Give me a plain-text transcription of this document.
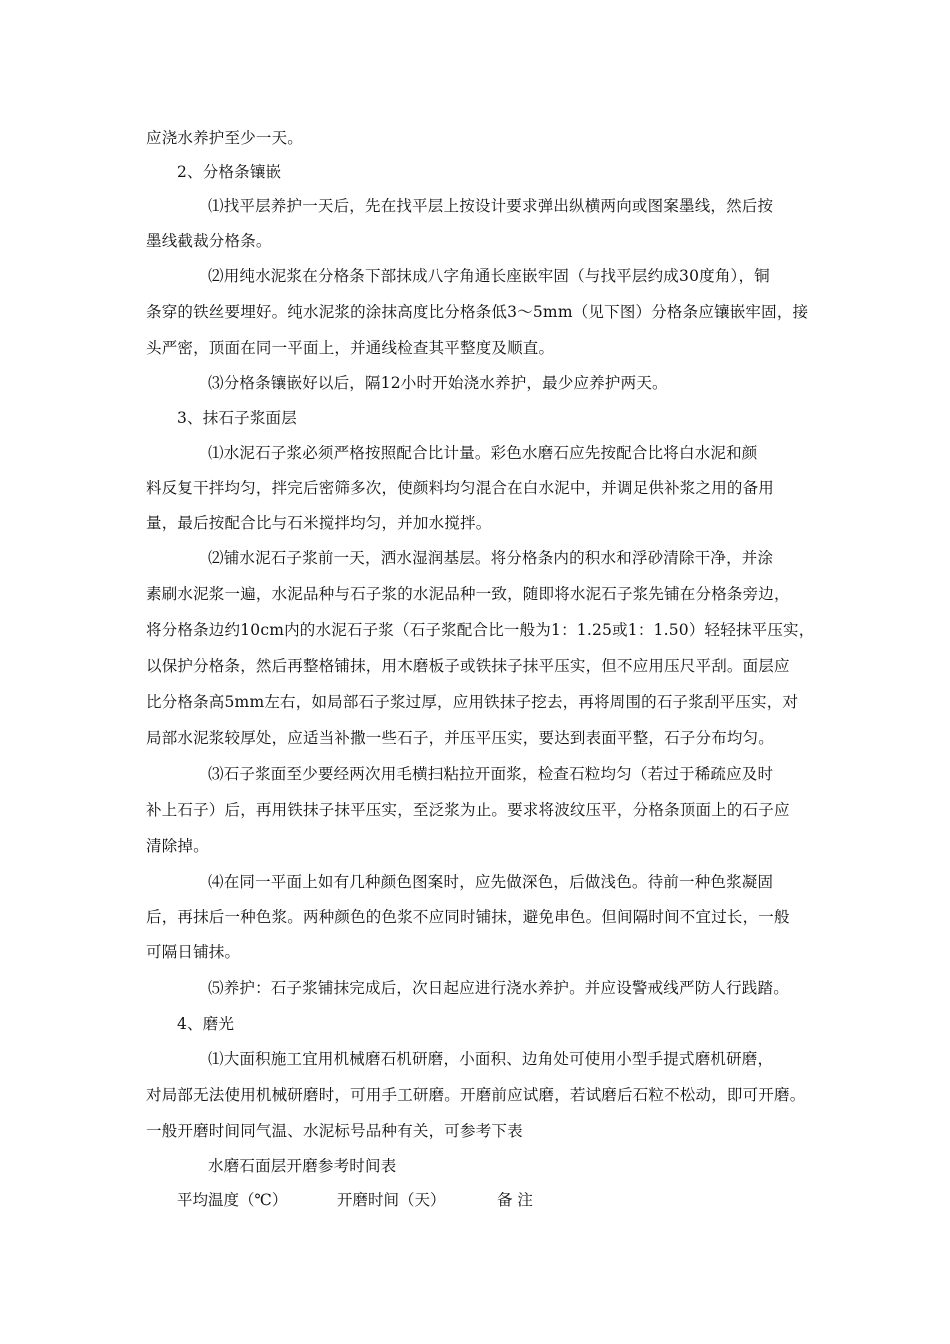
应浇水养护至少一天。
2、分格条镶嵌
⑴找平层养护一天后，先在找平层上按设计要求弹出纵横两向或图案墨线，然后按
墨线截裁分格条。
⑵用纯水泥浆在分格条下部抹成八字角通长座嵌牢固（与找平层约成30度角），铜
条穿的铁丝要埋好。纯水泥浆的涂抹高度比分格条低3～5mm（见下图）分格条应镶嵌牢固，接
头严密，顶面在同一平面上，并通线检查其平整度及顺直。
⑶分格条镶嵌好以后，隔12小时开始浇水养护，最少应养护两天。
3、抹石子浆面层
⑴水泥石子浆必须严格按照配合比计量。彩色水磨石应先按配合比将白水泥和颜
料反复干拌均匀，拌完后密筛多次，使颜料均匀混合在白水泥中，并调足供补浆之用的备用
量，最后按配合比与石米搅拌均匀，并加水搅拌。
⑵铺水泥石子浆前一天，洒水湿润基层。将分格条内的积水和浮砂清除干净，并涂
素刷水泥浆一遍，水泥品种与石子浆的水泥品种一致，随即将水泥石子浆先铺在分格条旁边，
将分格条边约10cm内的水泥石子浆（石子浆配合比一般为1：1.25或1：1.50）轻轻抹平压实，
以保护分格条，然后再整格铺抹，用木磨板子或铁抹子抹平压实，但不应用压尺平刮。面层应
比分格条高5mm左右，如局部石子浆过厚，应用铁抹子挖去，再将周围的石子浆刮平压实，对
局部水泥浆较厚处，应适当补撒一些石子，并压平压实，要达到表面平整，石子分布均匀。
⑶石子浆面至少要经两次用毛横扫粘拉开面浆，检查石粒均匀（若过于稀疏应及时
补上石子）后，再用铁抹子抹平压实，至泛浆为止。要求将波纹压平，分格条顶面上的石子应
清除掉。
⑷在同一平面上如有几种颜色图案时，应先做深色，后做浅色。待前一种色浆凝固
后，再抹后一种色浆。两种颜色的色浆不应同时铺抹，避免串色。但间隔时间不宜过长，一般
可隔日铺抹。
⑸养护：石子浆铺抹完成后，次日起应进行浇水养护。并应设警戒线严防人行践踏。
4、磨光
⑴大面积施工宜用机械磨石机研磨，小面积、边角处可使用小型手提式磨机研磨，
对局部无法使用机械研磨时，可用手工研磨。开磨前应试磨，若试磨后石粒不松动，即可开磨。
一般开磨时间同气温、水泥标号品种有关，可参考下表
水磨石面层开磨参考时间表
平均温度（℃）	开磨时间（天）	备 注
